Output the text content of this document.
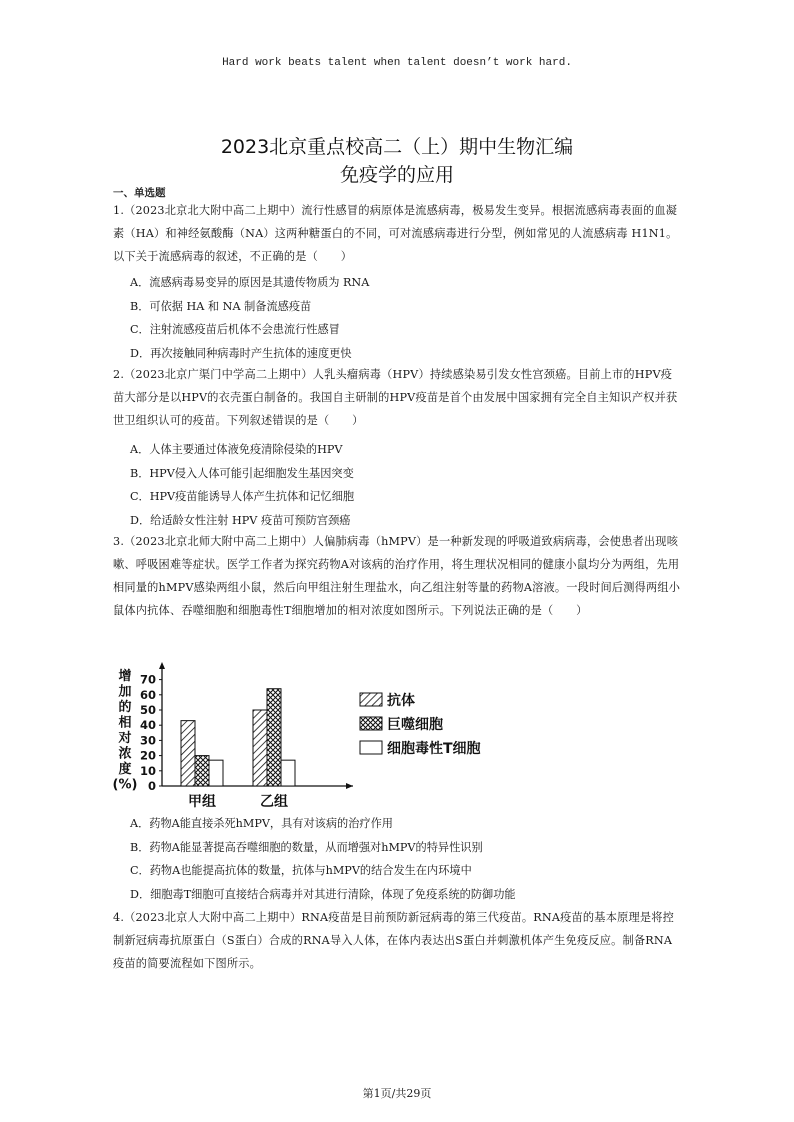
Hard work beats talent when talent doesn’t work hard.
2023北京重点校高二（上）期中生物汇编
免疫学的应用
一、单选题
1.（2023北京北大附中高二上期中）流行性感冒的病原体是流感病毒，极易发生变异。根据流感病毒表面的血凝素（HA）和神经氨酸酶（NA）这两种糖蛋白的不同，可对流感病毒进行分型，例如常见的人流感病毒 H1N1。以下关于流感病毒的叙述，不正确的是（　　）
A．流感病毒易变异的原因是其遗传物质为 RNA
B．可依据 HA 和 NA 制备流感疫苗
C．注射流感疫苗后机体不会患流行性感冒
D．再次接触同种病毒时产生抗体的速度更快
2.（2023北京广渠门中学高二上期中）人乳头瘤病毒（HPV）持续感染易引发女性宫颈癌。目前上市的HPV疫苗大部分是以HPV的衣壳蛋白制备的。我国自主研制的HPV疫苗是首个由发展中国家拥有完全自主知识产权并获世卫组织认可的疫苗。下列叙述错误的是（　　）
A．人体主要通过体液免疫清除侵染的HPV
B．HPV侵入人体可能引起细胞发生基因突变
C．HPV疫苗能诱导人体产生抗体和记忆细胞
D．给适龄女性注射 HPV 疫苗可预防宫颈癌
3.（2023北京北师大附中高二上期中）人偏肺病毒（hMPV）是一种新发现的呼吸道致病病毒，会使患者出现咳嗽、呼吸困难等症状。医学工作者为探究药物A对该病的治疗作用，将生理状况相同的健康小鼠均分为两组，先用相同量的hMPV感染两组小鼠，然后向甲组注射生理盐水，向乙组注射等量的药物A溶液。一段时间后测得两组小鼠体内抗体、吞噬细胞和细胞毒性T细胞增加的相对浓度如图所示。下列说法正确的是（　　）
增
加
的
相
对
浓
度
(%) 0
10
20
30
40
50
60
70
甲组	乙组
抗体
巨噬细胞
细胞毒性T细胞
A．药物A能直接杀死hMPV，具有对该病的治疗作用
B．药物A能显著提高吞噬细胞的数量，从而增强对hMPV的特异性识别
C．药物A也能提高抗体的数量，抗体与hMPV的结合发生在内环境中
D．细胞毒T细胞可直接结合病毒并对其进行清除，体现了免疫系统的防御功能
4.（2023北京人大附中高二上期中）RNA疫苗是目前预防新冠病毒的第三代疫苗。RNA疫苗的基本原理是将控制新冠病毒抗原蛋白（S蛋白）合成的RNA导入人体，在体内表达出S蛋白并刺激机体产生免疫反应。制备RNA疫苗的简要流程如下图所示。
第1页/共29页
